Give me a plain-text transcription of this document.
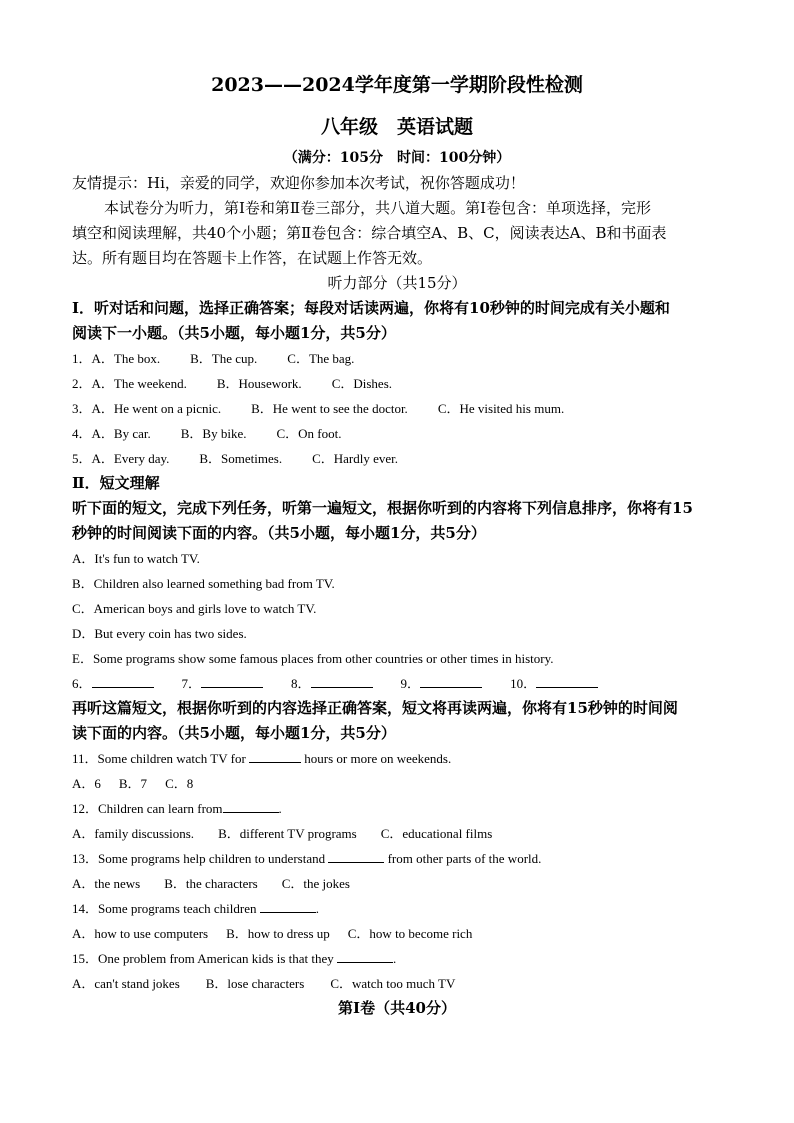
2023——2024学年度第一学期阶段性检测
八年级　英语试题
（满分：105分　时间：100分钟）
友情提示：Hi，亲爱的同学，欢迎你参加本次考试，祝你答题成功！
本试卷分为听力，第Ⅰ卷和第Ⅱ卷三部分，共八道大题。第Ⅰ卷包含：单项选择，完形
填空和阅读理解，共40个小题；第Ⅱ卷包含：综合填空A、B、C，阅读表达A、B和书面表
达。所有题目均在答题卡上作答，在试题上作答无效。
听力部分（共15分）
Ⅰ．听对话和问题，选择正确答案；每段对话读两遍，你将有10秒钟的时间完成有关小题和
阅读下一小题。（共5小题，每小题1分，共5分）
1．A．The box. B．The cup. C．The bag.
2．A．The weekend. B．Housework. C．Dishes.
3．A．He went on a picnic. B．He went to see the doctor. C．He visited his mum.
4．A．By car. B．By bike. C．On foot.
5．A．Every day. B．Sometimes. C．Hardly ever.
Ⅱ．短文理解
听下面的短文，完成下列任务，听第一遍短文，根据你听到的内容将下列信息排序，你将有15
秒钟的时间阅读下面的内容。（共5小题，每小题1分，共5分）
A．It's fun to watch TV.
B．Children also learned something bad from TV.
C．American boys and girls love to watch TV.
D．But every coin has two sides.
E．Some programs show some famous places from other countries or other times in history.
6．	7．	8．	9．	10．
再听这篇短文，根据你听到的内容选择正确答案，短文将再读两遍，你将有15秒钟的时间阅
读下面的内容。（共5小题，每小题1分，共5分）
11．Some children watch TV for	hours or more on weekends.
A．6 B．7 C．8
12．Children can learn from	.
A．family discussions. B．different TV programs C．educational films
13．Some programs help children to understand	from other parts of the world.
A．the news B．the characters C．the jokes
14．Some programs teach children	.
A．how to use computers B．how to dress up C．how to become rich
15．One problem from American kids is that they	.
A．can't stand jokes B．lose characters C．watch too much TV
第Ⅰ卷（共40分）
